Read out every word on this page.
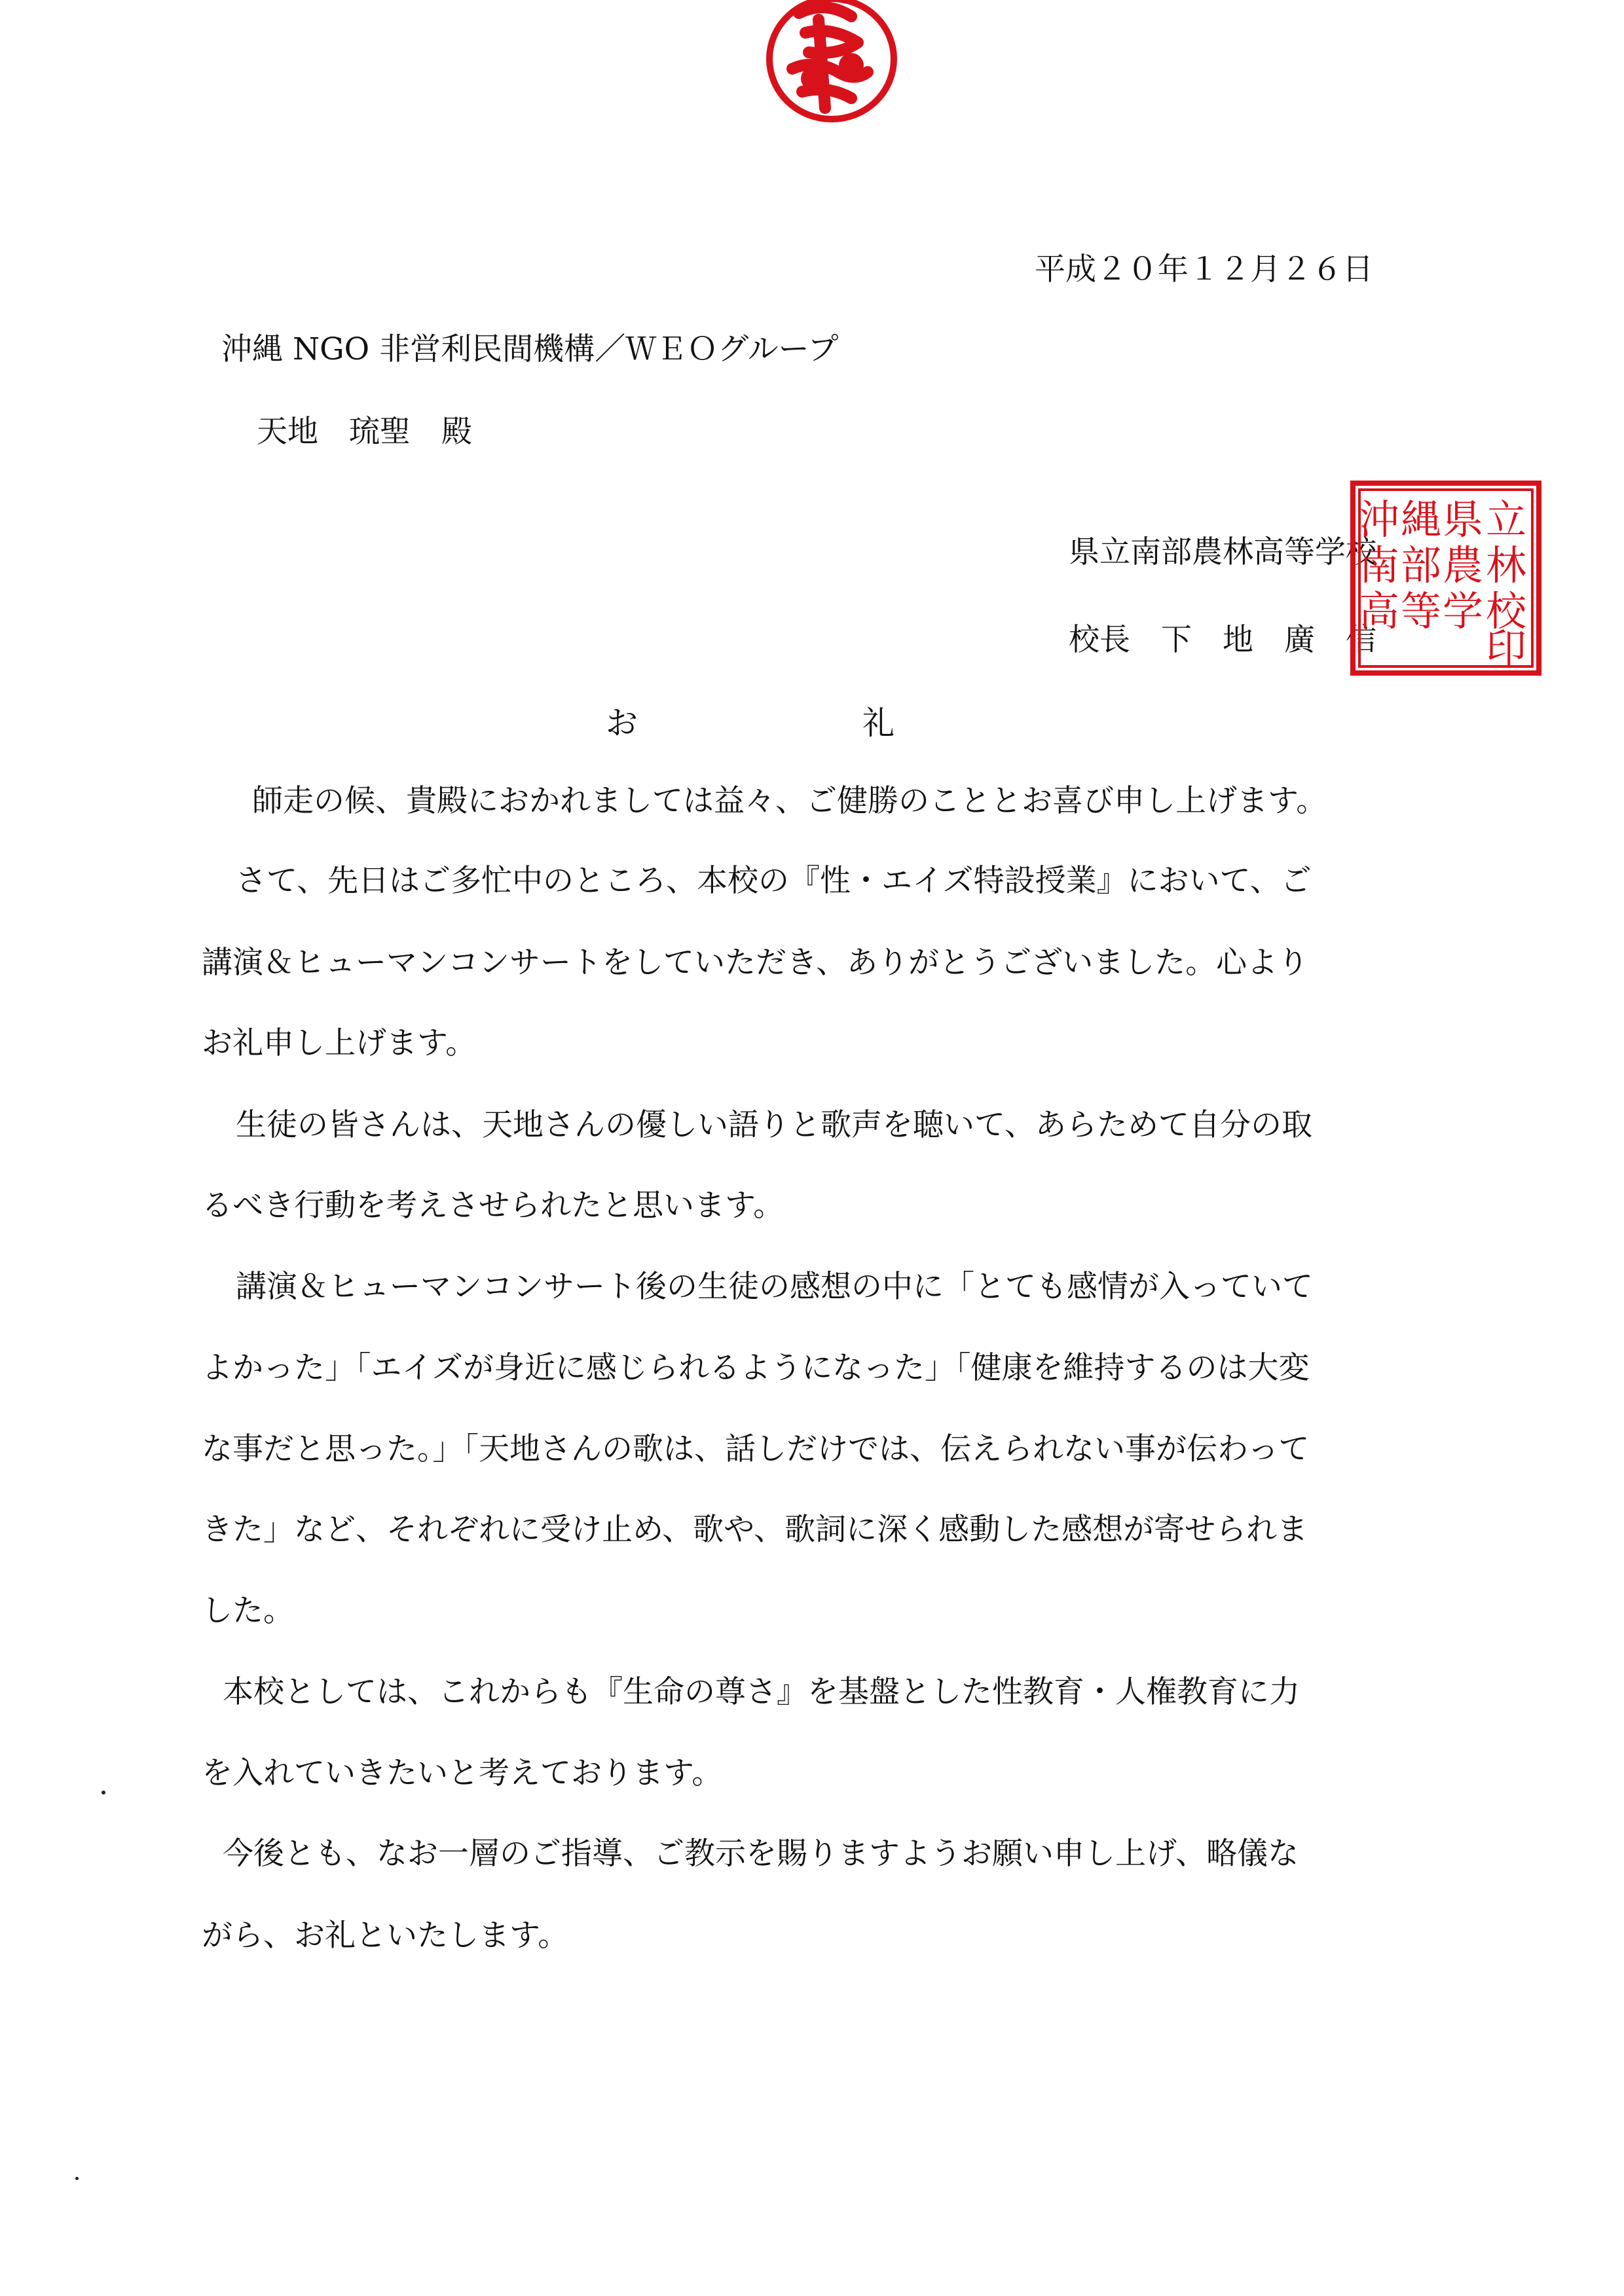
平成２０年１２月２６日
沖縄 NGO 非営利民間機構／ＷＥＯグループ
天地　琉聖　殿
県立南部農林高等学校
校長　下　地　廣　信
立
林
校
印
県
農
学
縄
部
等
沖
南
高
お　　　　　　　礼
師走の候、貴殿におかれましては益々、ご健勝のこととお喜び申し上げます。
さて、先日はご多忙中のところ、本校の『性・エイズ特設授業』において、ご
講演＆ヒューマンコンサートをしていただき、ありがとうございました。心より
お礼申し上げます。
生徒の皆さんは、天地さんの優しい語りと歌声を聴いて、あらためて自分の取
るべき行動を考えさせられたと思います。
講演＆ヒューマンコンサート後の生徒の感想の中に「とても感情が入っていて
よかった」「エイズが身近に感じられるようになった」「健康を維持するのは大変
な事だと思った。」「天地さんの歌は、話しだけでは、伝えられない事が伝わって
きた」など、それぞれに受け止め、歌や、歌詞に深く感動した感想が寄せられま
した。
本校としては、これからも『生命の尊さ』を基盤とした性教育・人権教育に力
を入れていきたいと考えております。
今後とも、なお一層のご指導、ご教示を賜りますようお願い申し上げ、略儀な
がら、お礼といたします。
